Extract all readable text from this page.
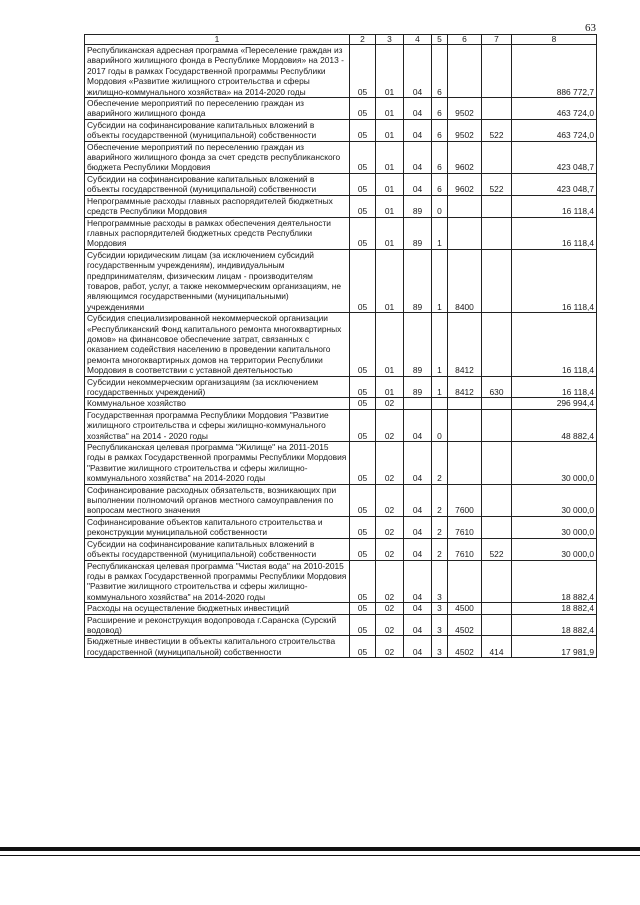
63
1	2	3	4	5	6	7	8
Республиканская адресная программа «Переселение граждан из аварийного жилищного фонда в Республике Мордовия» на 2013 - 2017 годы в рамках Государственной программы Республики Мордовия «Развитие жилищного строительства и сферы жилищно-коммунального хозяйства» на 2014-2020 годы	05	01	04	6			886 772,7
Обеспечение мероприятий по переселению граждан из аварийного жилищного фонда	05	01	04	6	9502		463 724,0
Субсидии на софинансирование капитальных вложений в объекты государственной (муниципальной) собственности	05	01	04	6	9502	522	463 724,0
Обеспечение мероприятий по переселению граждан из аварийного жилищного фонда за счет средств республиканского бюджета Республики Мордовия	05	01	04	6	9602		423 048,7
Субсидии на софинансирование капитальных вложений в объекты государственной (муниципальной) собственности	05	01	04	6	9602	522	423 048,7
Непрограммные расходы главных распорядителей бюджетных средств Республики Мордовия	05	01	89	0			16 118,4
Непрограммные расходы в рамках обеспечения деятельности главных распорядителей бюджетных средств Республики Мордовия	05	01	89	1			16 118,4
Субсидии юридическим лицам (за исключением субсидий государственным учреждениям), индивидуальным предпринимателям, физическим лицам - производителям товаров, работ, услуг, а также некоммерческим организациям, не являющимся государственными (муниципальными) учреждениями	05	01	89	1	8400		16 118,4
Субсидия специализированной некоммерческой организации «Республиканский Фонд капитального ремонта многоквартирных домов» на финансовое обеспечение затрат, связанных с оказанием содействия населению в проведении капитального ремонта многоквартирных домов на территории Республики Мордовия в соответствии с уставной деятельностью	05	01	89	1	8412		16 118,4
Субсидии некоммерческим организациям (за исключением государственных учреждений)	05	01	89	1	8412	630	16 118,4
Коммунальное хозяйство	05	02					296 994,4
Государственная программа Республики Мордовия "Развитие жилищного строительства и сферы жилищно-коммунального хозяйства" на 2014 - 2020 годы	05	02	04	0			48 882,4
Республиканская целевая программа "Жилище" на 2011-2015 годы в рамках Государственной программы Республики Мордовия "Развитие жилищного строительства и сферы жилищно-коммунального хозяйства" на 2014-2020 годы	05	02	04	2			30 000,0
Софинансирование расходных обязательств, возникающих при выполнении полномочий органов местного самоуправления по вопросам местного значения	05	02	04	2	7600		30 000,0
Софинансирование объектов капитального строительства и реконструкции муниципальной собственности	05	02	04	2	7610		30 000,0
Субсидии на софинансирование капитальных вложений в объекты государственной (муниципальной) собственности	05	02	04	2	7610	522	30 000,0
Республиканская целевая программа "Чистая вода" на 2010-2015 годы в рамках Государственной программы Республики Мордовия "Развитие жилищного строительства и сферы жилищно-коммунального хозяйства" на 2014-2020 годы	05	02	04	3			18 882,4
Расходы на осуществление бюджетных инвестиций	05	02	04	3	4500		18 882,4
Расширение и реконструкция водопровода г.Саранска (Сурский водовод)	05	02	04	3	4502		18 882,4
Бюджетные инвестиции в объекты капитального строительства государственной (муниципальной) собственности	05	02	04	3	4502	414	17 981,9
